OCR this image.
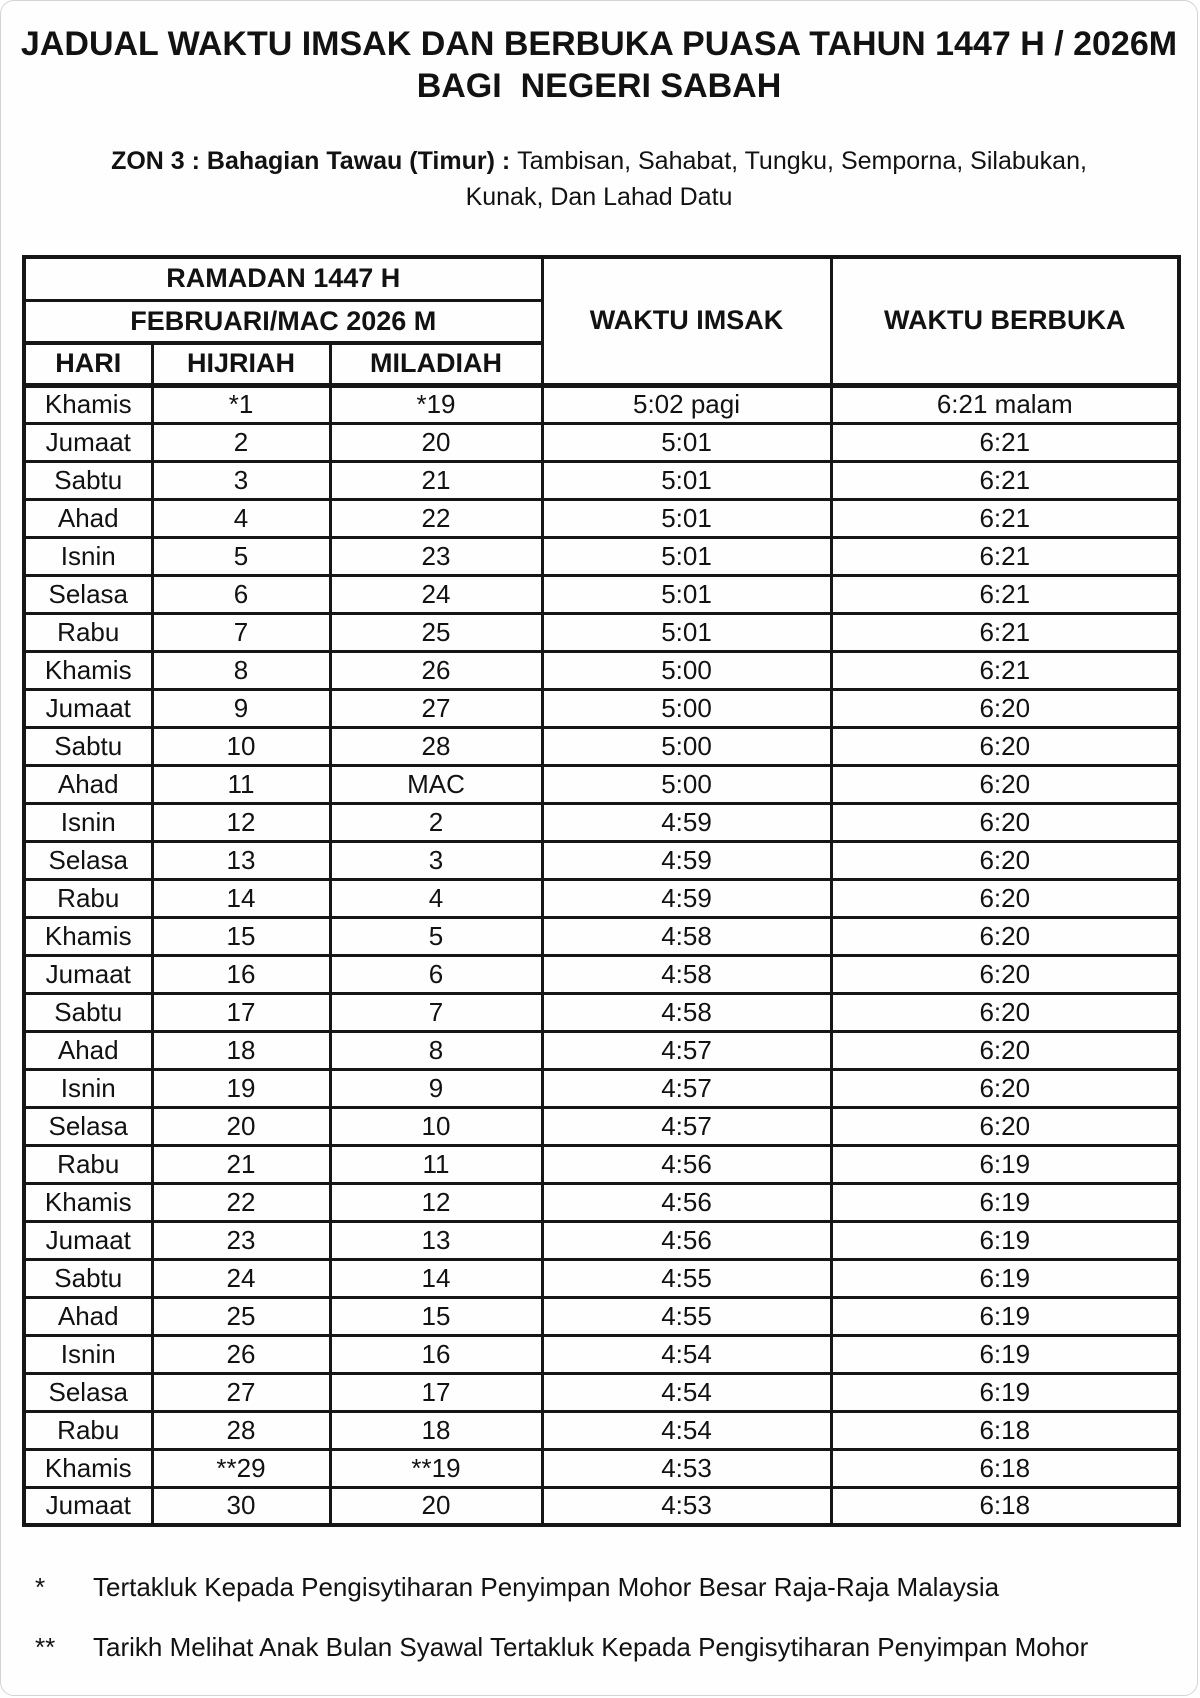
JADUAL WAKTU IMSAK DAN BERBUKA PUASA TAHUN 1447 H / 2026M
BAGI  NEGERI SABAH
ZON 3 : Bahagian Tawau (Timur) : Tambisan, Sahabat, Tungku, Semporna, Silabukan,
Kunak, Dan Lahad Datu
RAMADAN 1447 H			WAKTU IMSAK	WAKTU BERBUKA
FEBRUARI/MAC 2026 M				
HARI	HIJRIAH	MILADIAH		
Khamis	*1	*19	5:02 pagi	6:21 malam
Jumaat	2	20	5:01	6:21
Sabtu	3	21	5:01	6:21
Ahad	4	22	5:01	6:21
Isnin	5	23	5:01	6:21
Selasa	6	24	5:01	6:21
Rabu	7	25	5:01	6:21
Khamis	8	26	5:00	6:21
Jumaat	9	27	5:00	6:20
Sabtu	10	28	5:00	6:20
Ahad	11	MAC	5:00	6:20
Isnin	12	2	4:59	6:20
Selasa	13	3	4:59	6:20
Rabu	14	4	4:59	6:20
Khamis	15	5	4:58	6:20
Jumaat	16	6	4:58	6:20
Sabtu	17	7	4:58	6:20
Ahad	18	8	4:57	6:20
Isnin	19	9	4:57	6:20
Selasa	20	10	4:57	6:20
Rabu	21	11	4:56	6:19
Khamis	22	12	4:56	6:19
Jumaat	23	13	4:56	6:19
Sabtu	24	14	4:55	6:19
Ahad	25	15	4:55	6:19
Isnin	26	16	4:54	6:19
Selasa	27	17	4:54	6:19
Rabu	28	18	4:54	6:18
Khamis	**29	**19	4:53	6:18
Jumaat	30	20	4:53	6:18
*	Tertakluk Kepada Pengisytiharan Penyimpan Mohor Besar Raja-Raja Malaysia
**	Tarikh Melihat Anak Bulan Syawal Tertakluk Kepada Pengisytiharan Penyimpan Mohor
